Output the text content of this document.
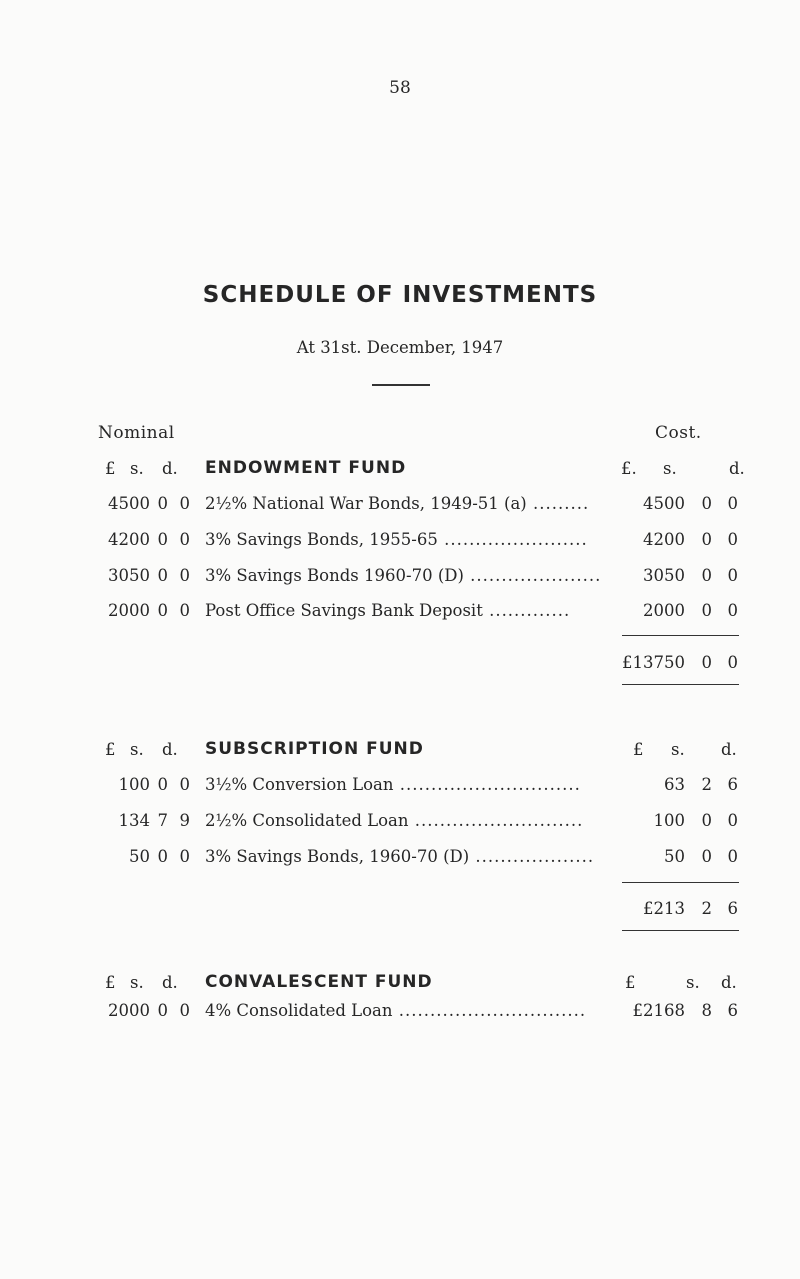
58
SCHEDULE OF INVESTMENTS
At 31st. December, 1947
Nominal	Cost.
£ s. d. ENDOWMENT FUND	£. s.	d.
4500 0 0 2½% National War Bonds, 1949-51 (a) .........	4500 0 0
4200 0 0 3% Savings Bonds, 1955-65 .......................	4200 0 0
3050 0 0 3% Savings Bonds 1960-70 (D) .....................	3050 0 0
2000 0 0 Post Office Savings Bank Deposit .............	2000 0 0
£13750 0 0
£ s. d. SUBSCRIPTION FUND	£ s. d.
100 0 0 3½% Conversion Loan .............................	63 2 6
134 7 9 2½% Consolidated Loan ...........................	100 0 0
50 0 0 3% Savings Bonds, 1960-70 (D) ...................	50 0 0
£213 2 6
£ s. d. CONVALESCENT FUND	£	s. d.
2000 0 0 4% Consolidated Loan ..............................	£2168 8 6
